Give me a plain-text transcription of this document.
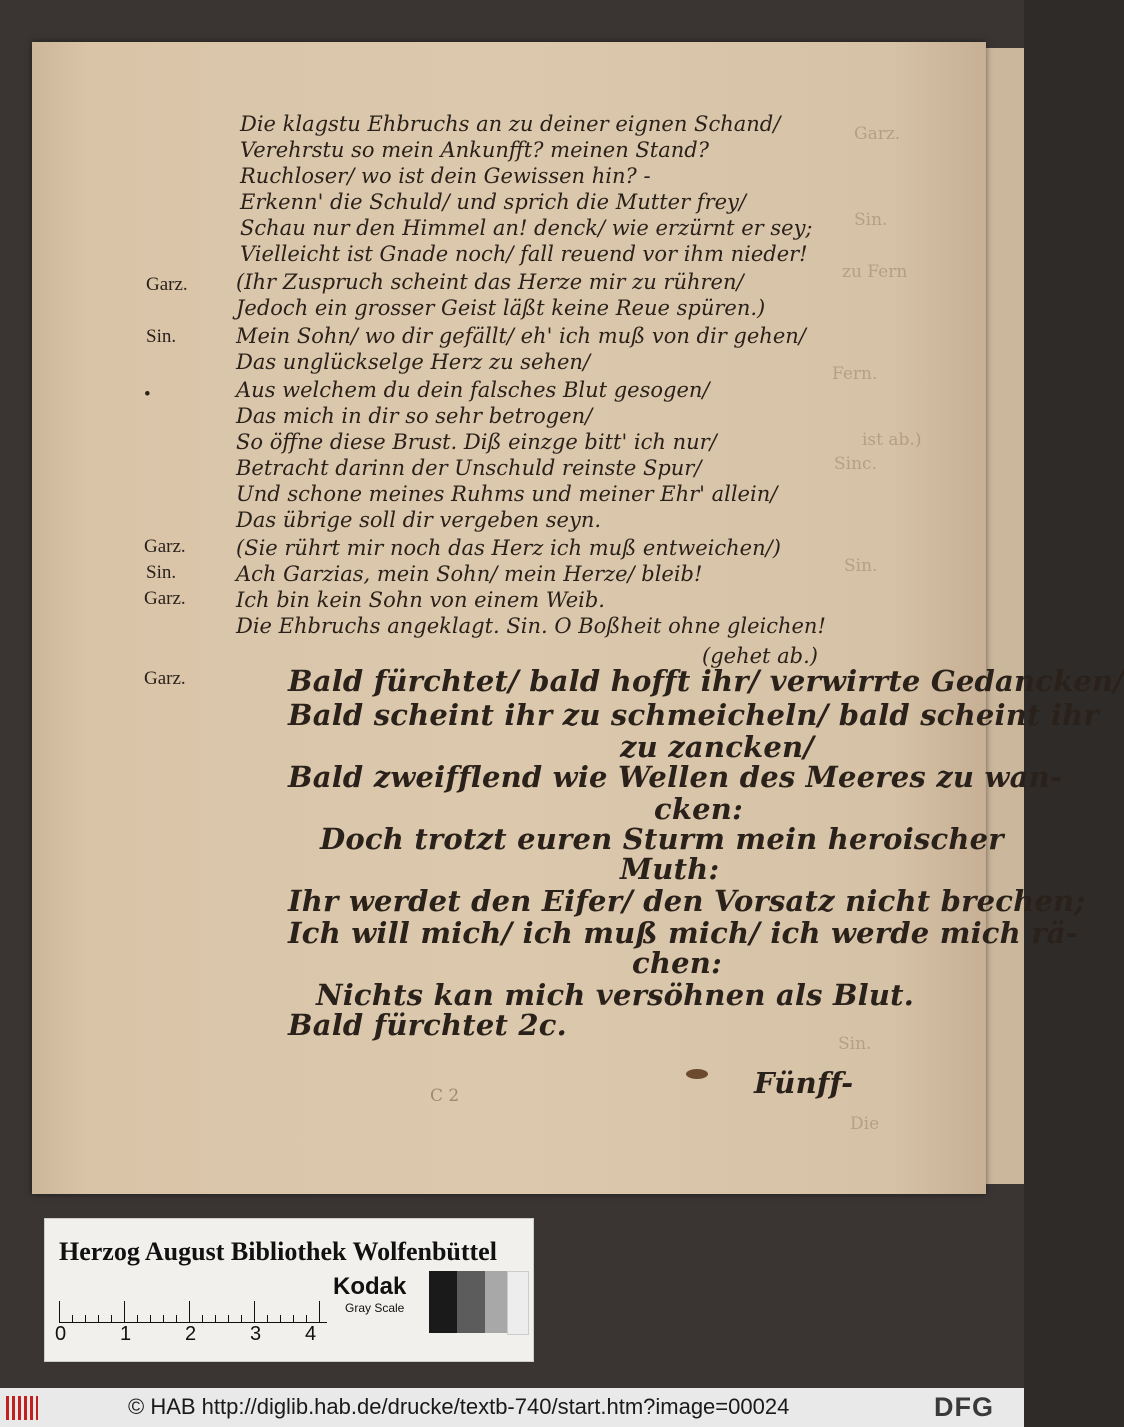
Garz.
Sin.
zu Fern
Fern.
ist ab.)
Sinc.
Sin.
Sin.
Die
Garz.
Sin.
•
Garz.
Sin.
Garz.
Garz.
Die klagstu Ehbruchs an zu deiner eignen Schand/
Verehrstu so mein Ankunfft? meinen Stand?
Ruchloser/ wo ist dein Gewissen hin? -
Erkenn' die Schuld/ und sprich die Mutter frey/
Schau nur den Himmel an! denck/ wie erzürnt er sey;
Vielleicht ist Gnade noch/ fall reuend vor ihm nieder!
(Ihr Zuspruch scheint das Herze mir zu rühren/
Jedoch ein grosser Geist läßt keine Reue spüren.)
Mein Sohn/ wo dir gefällt/ eh' ich muß von dir gehen/
Das unglückselge Herz zu sehen/
Aus welchem du dein falsches Blut gesogen/
Das mich in dir so sehr betrogen/
So öffne diese Brust. Diß einzge bitt' ich nur/
Betracht darinn der Unschuld reinste Spur/
Und schone meines Ruhms und meiner Ehr' allein/
Das übrige soll dir vergeben seyn.
(Sie rührt mir noch das Herz ich muß entweichen/)
Ach Garzias, mein Sohn/ mein Herze/ bleib!
Ich bin kein Sohn von einem Weib.
Die Ehbruchs angeklagt. Sin. O Boßheit ohne gleichen!
(gehet ab.)
Bald fürchtet/ bald hofft ihr/ verwirrte Gedancken/
Bald scheint ihr zu schmeicheln/ bald scheint ihr
zu zancken/
Bald zweifflend wie Wellen des Meeres zu wan-
cken:
Doch trotzt euren Sturm mein heroischer
Muth:
Ihr werdet den Eifer/ den Vorsatz nicht brechen;
Ich will mich/ ich muß mich/ ich werde mich rä-
chen:
Nichts kan mich versöhnen als Blut.
Bald fürchtet 2c.
Fünff-
C 2
Herzog August Bibliothek Wolfenbüttel
0	1	2	3 4
Kodak
Gray Scale
© HAB http://diglib.hab.de/drucke/textb-740/start.htm?image=00024	DFG
